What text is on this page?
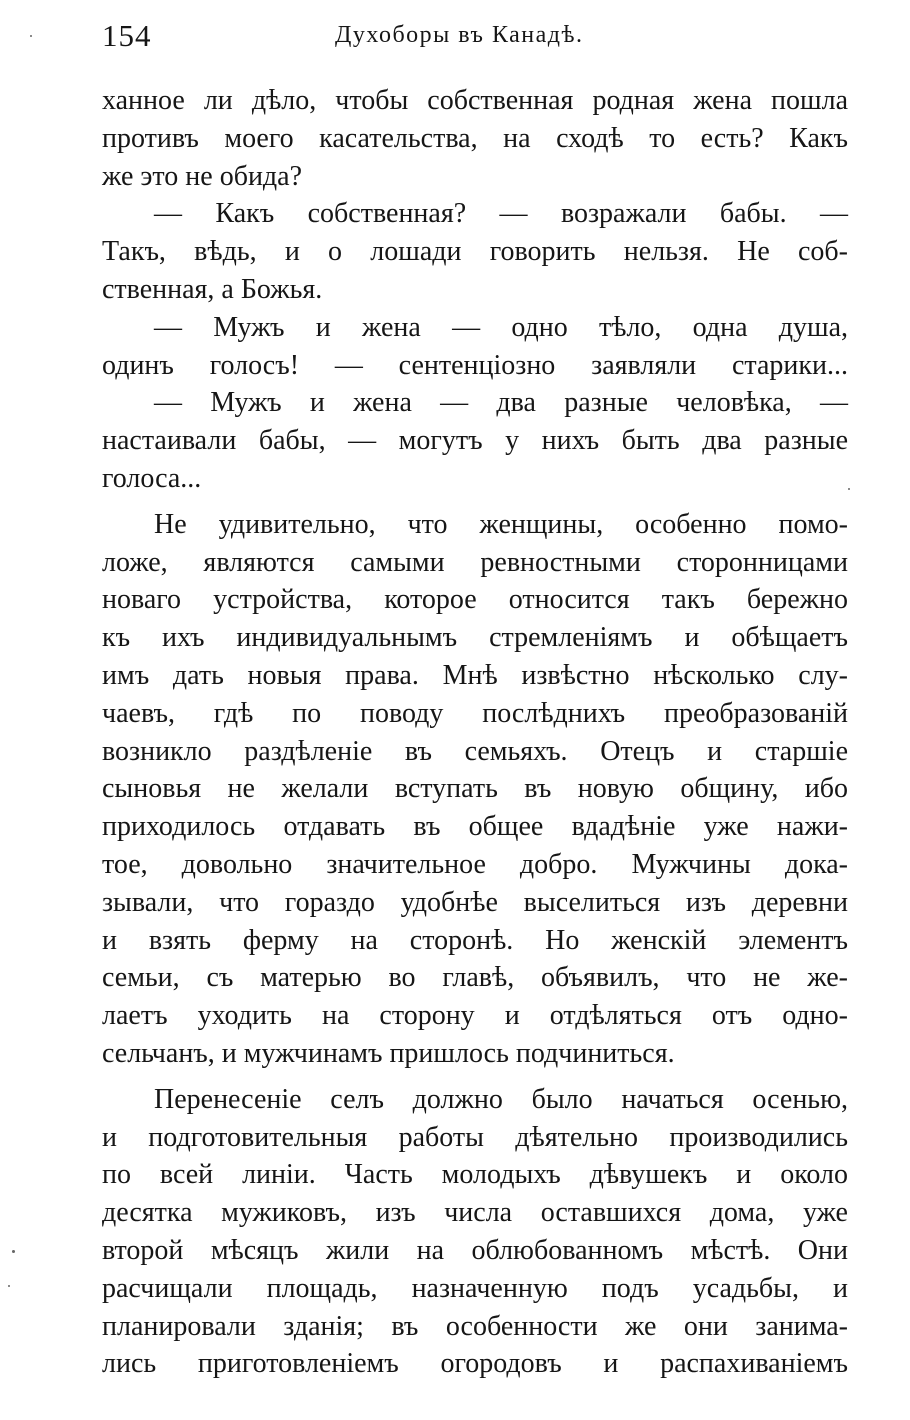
154	Духоборы въ Канадѣ.
ханное ли дѣло, чтобы собственная родная жена пошла
противъ моего касательства, на сходѣ то есть? Какъ
же это не обида?
— Какъ собственная? — возражали бабы. —
Такъ, вѣдь, и о лошади говорить нельзя. Не соб-
ственная, а Божья.
— Мужъ и жена — одно тѣло, одна душа,
одинъ голосъ! — сентенціозно заявляли старики...
— Мужъ и жена — два разные человѣка, —
настаивали бабы, — могутъ у нихъ быть два разные
голоса...
Не удивительно, что женщины, особенно помо-
ложе, являются самыми ревностными сторонницами
новаго устройства, которое относится такъ бережно
къ ихъ индивидуальнымъ стремленіямъ и обѣщаетъ
имъ дать новыя права. Мнѣ извѣстно нѣсколько слу-
чаевъ, гдѣ по поводу послѣднихъ преобразованій
возникло раздѣленіе въ семьяхъ. Отецъ и старшіе
сыновья не желали вступать въ новую общину, ибо
приходилось отдавать въ общее вдадѣніе уже нажи-
тое, довольно значительное добро. Мужчины дока-
зывали, что гораздо удобнѣе выселиться изъ деревни
и взять ферму на сторонѣ. Но женскій элементъ
семьи, съ матерью во главѣ, объявилъ, что не же-
лаетъ уходить на сторону и отдѣляться отъ одно-
сельчанъ, и мужчинамъ пришлось подчиниться.
Перенесеніе селъ должно было начаться осенью,
и подготовительныя работы дѣятельно производились
по всей линіи. Часть молодыхъ дѣвушекъ и около
десятка мужиковъ, изъ числа оставшихся дома, уже
второй мѣсяцъ жили на облюбованномъ мѣстѣ. Они
расчищали площадь, назначенную подъ усадьбы, и
планировали зданія; въ особенности же они занима-
лись приготовленіемъ огородовъ и распахиваніемъ
